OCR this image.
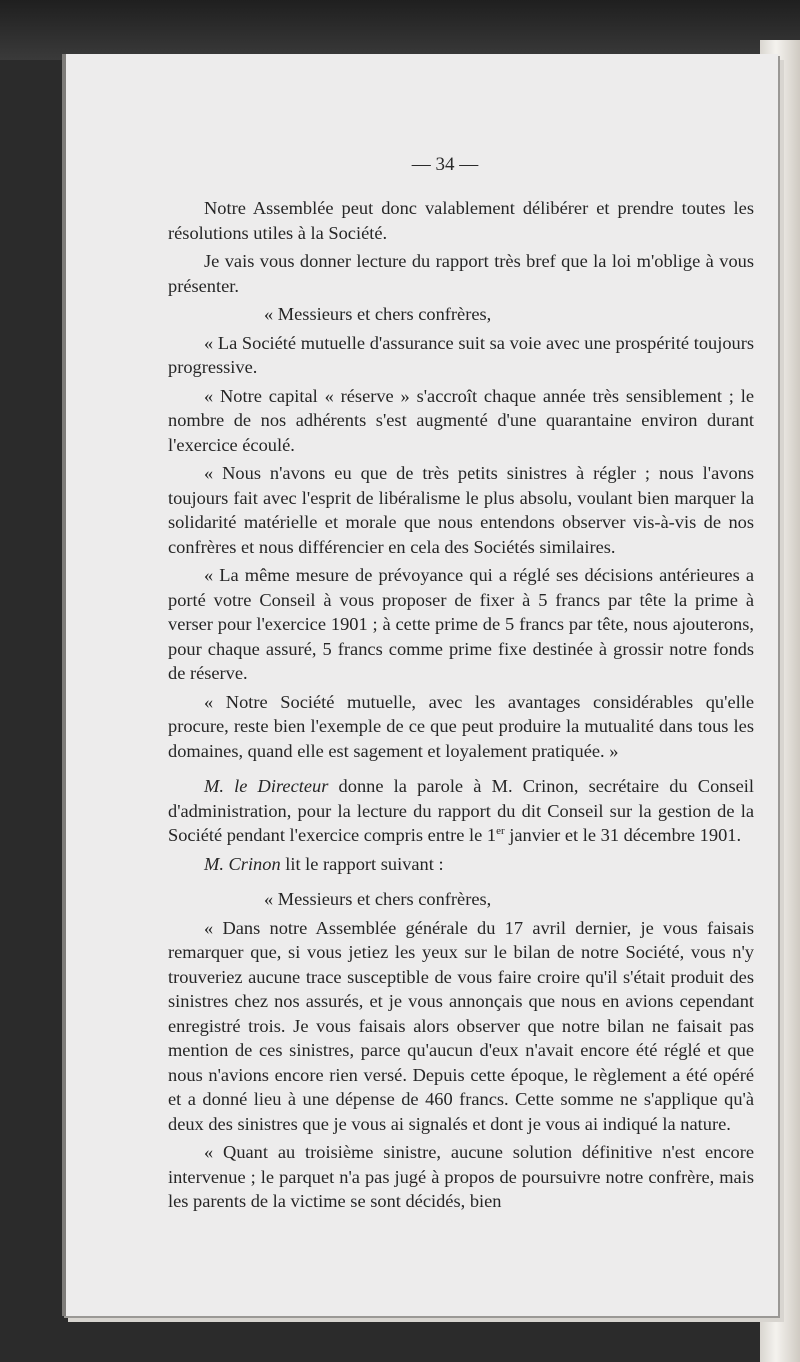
— 34 —

Notre Assemblée peut donc valablement délibérer et prendre toutes les résolutions utiles à la Société.

Je vais vous donner lecture du rapport très bref que la loi m'oblige à vous présenter.

« Messieurs et chers confrères,

« La Société mutuelle d'assurance suit sa voie avec une prospérité toujours progressive.

« Notre capital « réserve » s'accroît chaque année très sensiblement ; le nombre de nos adhérents s'est augmenté d'une quarantaine environ durant l'exercice écoulé.

« Nous n'avons eu que de très petits sinistres à régler ; nous l'avons toujours fait avec l'esprit de libéralisme le plus absolu, voulant bien marquer la solidarité matérielle et morale que nous entendons observer vis-à-vis de nos confrères et nous différencier en cela des Sociétés similaires.

« La même mesure de prévoyance qui a réglé ses décisions antérieures a porté votre Conseil à vous proposer de fixer à 5 francs par tête la prime à verser pour l'exercice 1901 ; à cette prime de 5 francs par tête, nous ajouterons, pour chaque assuré, 5 francs comme prime fixe destinée à grossir notre fonds de réserve.

« Notre Société mutuelle, avec les avantages considérables qu'elle procure, reste bien l'exemple de ce que peut produire la mutualité dans tous les domaines, quand elle est sagement et loyalement pratiquée. »

M. le Directeur donne la parole à M. Crinon, secrétaire du Conseil d'administration, pour la lecture du rapport du dit Conseil sur la gestion de la Société pendant l'exercice compris entre le 1er janvier et le 31 décembre 1901.

M. Crinon lit le rapport suivant :

« Messieurs et chers confrères,

« Dans notre Assemblée générale du 17 avril dernier, je vous faisais remarquer que, si vous jetiez les yeux sur le bilan de notre Société, vous n'y trouveriez aucune trace susceptible de vous faire croire qu'il s'était produit des sinistres chez nos assurés, et je vous annonçais que nous en avions cependant enregistré trois. Je vous faisais alors observer que notre bilan ne faisait pas mention de ces sinistres, parce qu'aucun d'eux n'avait encore été réglé et que nous n'avions encore rien versé. Depuis cette époque, le règlement a été opéré et a donné lieu à une dépense de 460 francs. Cette somme ne s'applique qu'à deux des sinistres que je vous ai signalés et dont je vous ai indiqué la nature.

« Quant au troisième sinistre, aucune solution définitive n'est encore intervenue ; le parquet n'a pas jugé à propos de poursuivre notre confrère, mais les parents de la victime se sont décidés, bien
